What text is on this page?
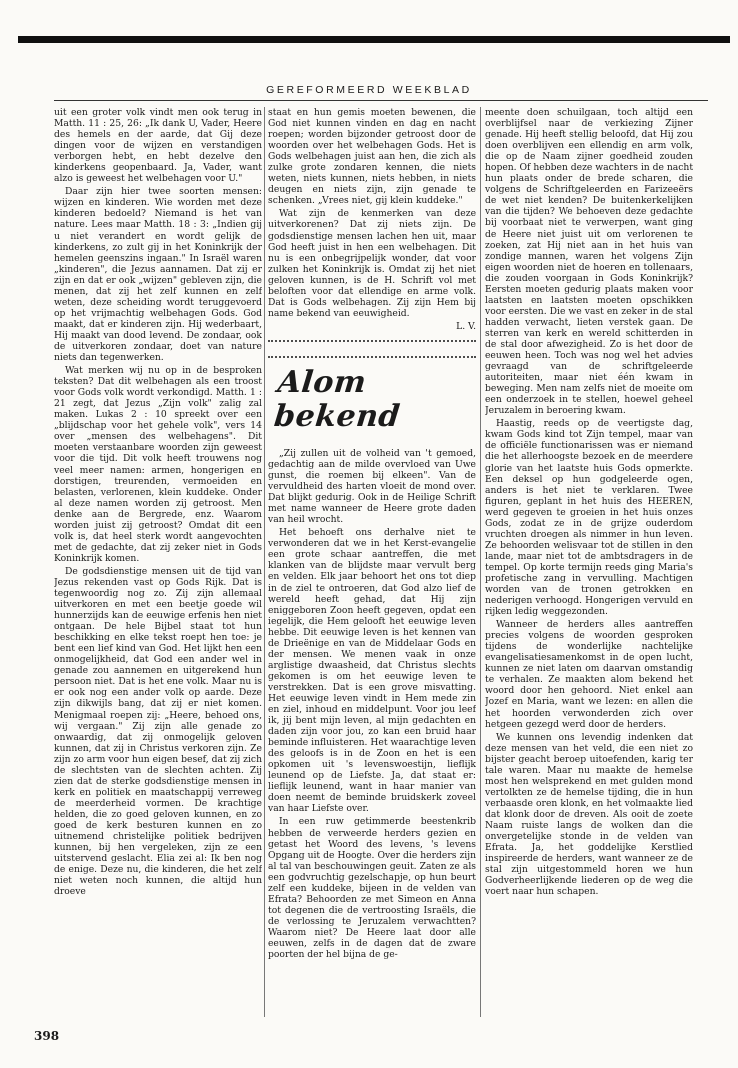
GEREFORMEERD WEEKBLAD

uit een groter volk vindt men ook terug in Matth. 11 : 25, 26: „Ik dank U, Vader, Heere des hemels en der aarde, dat Gij deze dingen voor de wijzen en verstandigen verborgen hebt, en hebt dezelve den kinderkens geopenbaard. Ja, Vader, want alzo is geweest het welbehagen voor U."

Daar zijn hier twee soorten mensen: wijzen en kinderen. Wie worden met deze kinderen bedoeld? Niemand is het van nature. Lees maar Matth. 18 : 3: „Indien gij u niet verandert en wordt gelijk de kinderkens, zo zult gij in het Koninkrijk der hemelen geenszins ingaan." In Israël waren „kinderen", die Jezus aannamen. Dat zij er zijn en dat er ook „wijzen" gebleven zijn, die menen, dat zij het zelf kunnen en zelf weten, deze scheiding wordt teruggevoerd op het vrijmachtig welbehagen Gods. God maakt, dat er kinderen zijn. Hij wederbaart, Hij maakt van dood levend. De zondaar, ook de uitverkoren zondaar, doet van nature niets dan tegenwerken.

Wat merken wij nu op in de besproken teksten? Dat dit welbehagen als een troost voor Gods volk wordt verkondigd. Matth. 1 : 21 zegt, dat Jezus „Zijn volk" zalig zal maken. Lukas 2 : 10 spreekt over een „blijdschap voor het gehele volk", vers 14 over „mensen des welbehagens". Dit moeten verstaanbare woorden zijn geweest voor die tijd. Dit volk heeft trouwens nog veel meer namen: armen, hongerigen en dorstigen, treurenden, vermoeiden en belasten, verlorenen, klein kuddeke. Onder al deze namen worden zij getroost. Men denke aan de Bergrede, enz. Waarom worden juist zij getroost? Omdat dit een volk is, dat heel sterk wordt aangevochten met de gedachte, dat zij zeker niet in Gods Koninkrijk komen.

De godsdienstige mensen uit de tijd van Jezus rekenden vast op Gods Rijk. Dat is tegenwoordig nog zo. Zij zijn allemaal uitverkoren en met een beetje goede wil hunnerzijds kan de eeuwige erfenis hen niet ontgaan. De hele Bijbel staat tot hun beschikking en elke tekst roept hen toe: je bent een lief kind van God. Het lijkt hen een onmogelijkheid, dat God een ander wel in genade zou aannemen en uitgerekend hun persoon niet. Dat is het ene volk. Maar nu is er ook nog een ander volk op aarde. Deze zijn dikwijls bang, dat zij er niet komen. Menigmaal roepen zij: „Heere, behoed ons, wij vergaan." Zij zijn alle genade zo onwaardig, dat zij onmogelijk geloven kunnen, dat zij in Christus verkoren zijn. Ze zijn zo arm voor hun eigen besef, dat zij zich de slechtsten van de slechten achten. Zij zien dat de sterke godsdienstige mensen in kerk en politiek en maatschappij verreweg de meerderheid vormen. De krachtige helden, die zo goed geloven kunnen, en zo goed de kerk besturen kunnen en zo uitnemend christelijke politiek bedrijven kunnen, bij hen vergeleken, zijn ze een uitstervend geslacht. Elia zei al: Ik ben nog de enige. Deze nu, die kinderen, die het zelf niet weten noch kunnen, die altijd hun droeve

staat en hun gemis moeten bewenen, die God niet kunnen vinden en dag en nacht roepen; worden bijzonder getroost door de woorden over het welbehagen Gods. Het is Gods welbehagen juist aan hen, die zich als zulke grote zondaren kennen, die niets weten, niets kunnen, niets hebben, in niets deugen en niets zijn, zijn genade te schenken. „Vrees niet, gij klein kuddeke."

Wat zijn de kenmerken van deze uitverkorenen? Dat zij niets zijn. De godsdienstige mensen lachen hen uit, maar God heeft juist in hen een welbehagen. Dit nu is een onbegrijpelijk wonder, dat voor zulken het Koninkrijk is. Omdat zij het niet geloven kunnen, is de H. Schrift vol met beloften voor dat ellendige en arme volk. Dat is Gods welbehagen. Zij zijn Hem bij name bekend van eeuwigheid.

L. V.

Alom bekend

„Zij zullen uit de volheid van 't gemoed, gedachtig aan de milde overvloed van Uwe gunst, die roemen bij elkeen". Van de vervuldheid des harten vloeit de mond over. Dat blijkt gedurig. Ook in de Heilige Schrift met name wanneer de Heere grote daden van heil wrocht.

Het behoeft ons derhalve niet te verwonderen dat we in het Kerst-evangelie een grote schaar aantreffen, die met klanken van de blijdste maar vervult berg en velden. Elk jaar behoort het ons tot diep in de ziel te ontroeren, dat God alzo lief de wereld heeft gehad, dat Hij zijn eniggeboren Zoon heeft gegeven, opdat een iegelijk, die Hem gelooft het eeuwige leven hebbe. Dit eeuwige leven is het kennen van de Drieënige en van de Middelaar Gods en der mensen. We menen vaak in onze arglistige dwaasheid, dat Christus slechts gekomen is om het eeuwige leven te verstrekken. Dat is een grove misvatting. Het eeuwige leven vindt in Hem mede zin en ziel, inhoud en middelpunt. Voor jou leef ik, jij bent mijn leven, al mijn gedachten en daden zijn voor jou, zo kan een bruid haar beminde influisteren. Het waarachtige leven des geloofs is in de Zoon en het is een opkomen uit 's levenswoestijn, lieflijk leunend op de Liefste. Ja, dat staat er: lieflijk leunend, want in haar manier van doen neemt de beminde bruidskerk zoveel van haar Liefste over.

In een ruw getimmerde beestenkrib hebben de verweerde herders gezien en getast het Woord des levens, 's levens Opgang uit de Hoogte. Over die herders zijn al tal van beschouwingen geuit. Zaten ze als een godvruchtig gezelschapje, op hun beurt zelf een kuddeke, bijeen in de velden van Efrata? Behoorden ze met Simeon en Anna tot degenen die de vertroosting Israëls, die de verlossing te Jeruzalem verwachtten? Waarom niet? De Heere laat door alle eeuwen, zelfs in de dagen dat de zware poorten der hel bijna de ge-

meente doen schuilgaan, toch altijd een overblijfsel naar de verkiezing Zijner genade. Hij heeft stellig beloofd, dat Hij zou doen overblijven een ellendig en arm volk, die op de Naam zijner goedheid zouden hopen. Of hebben deze wachters in de nacht hun plaats onder de brede scharen, die volgens de Schriftgeleerden en Farizeeërs de wet niet kenden? De buitenkerkelijken van die tijden? We behoeven deze gedachte bij voorbaat niet te verwerpen, want ging de Heere niet juist uit om verlorenen te zoeken, zat Hij niet aan in het huis van zondige mannen, waren het volgens Zijn eigen woorden niet de hoeren en tollenaars, die zouden voorgaan in Gods Koninkrijk? Eersten moeten gedurig plaats maken voor laatsten en laatsten moeten opschikken voor eersten. Die we vast en zeker in de stal hadden verwacht, lieten verstek gaan. De sterren van kerk en wereld schitterden in de stal door afwezigheid. Zo is het door de eeuwen heen. Toch was nog wel het advies gevraagd van de schriftgeleerde autoriteiten, maar niet één kwam in beweging. Men nam zelfs niet de moeite om een onderzoek in te stellen, hoewel geheel Jeruzalem in beroering kwam.

Haastig, reeds op de veertigste dag, kwam Gods kind tot Zijn tempel, maar van de officiële functionarissen was er niemand die het allerhoogste bezoek en de meerdere glorie van het laatste huis Gods opmerkte. Een deksel op hun godgeleerde ogen, anders is het niet te verklaren. Twee figuren, geplant in het huis des HEEREN, werd gegeven te groeien in het huis onzes Gods, zodat ze in de grijze ouderdom vruchten droegen als nimmer in hun leven. Ze behoorden welisvaar tot de stillen in den lande, maar niet tot de ambtsdragers in de tempel. Op korte termijn reeds ging Maria's profetische zang in vervulling. Machtigen worden van de tronen getrokken en nederigen verhoogd. Hongerigen vervuld en rijken ledig weggezonden.

Wanneer de herders alles aantreffen precies volgens de woorden gesproken tijdens de wonderlijke nachtelijke evangelisatiesamenkomst in de open lucht, kunnen ze niet laten om daarvan omstandig te verhalen. Ze maakten alom bekend het woord door hen gehoord. Niet enkel aan Jozef en Maria, want we lezen: en allen die het hoorden verwonderden zich over hetgeen gezegd werd door de herders.

We kunnen ons levendig indenken dat deze mensen van het veld, die een niet zo bijster geacht beroep uitoefenden, karig ter tale waren. Maar nu maakte de hemelse most hen welsprekend en met gulden mond vertolkten ze de hemelse tijding, die in hun verbaasde oren klonk, en het volmaakte lied dat klonk door de dreven. Als ooit de zoete Naam ruiste langs de wolken dan die onvergetelijke stonde in de velden van Efrata. Ja, het goddelijke Kerstlied inspireerde de herders, want wanneer ze de stal zijn uitgestommeld horen we hun Godverheerlijkende liederen op de weg die voert naar hun schapen.

398
